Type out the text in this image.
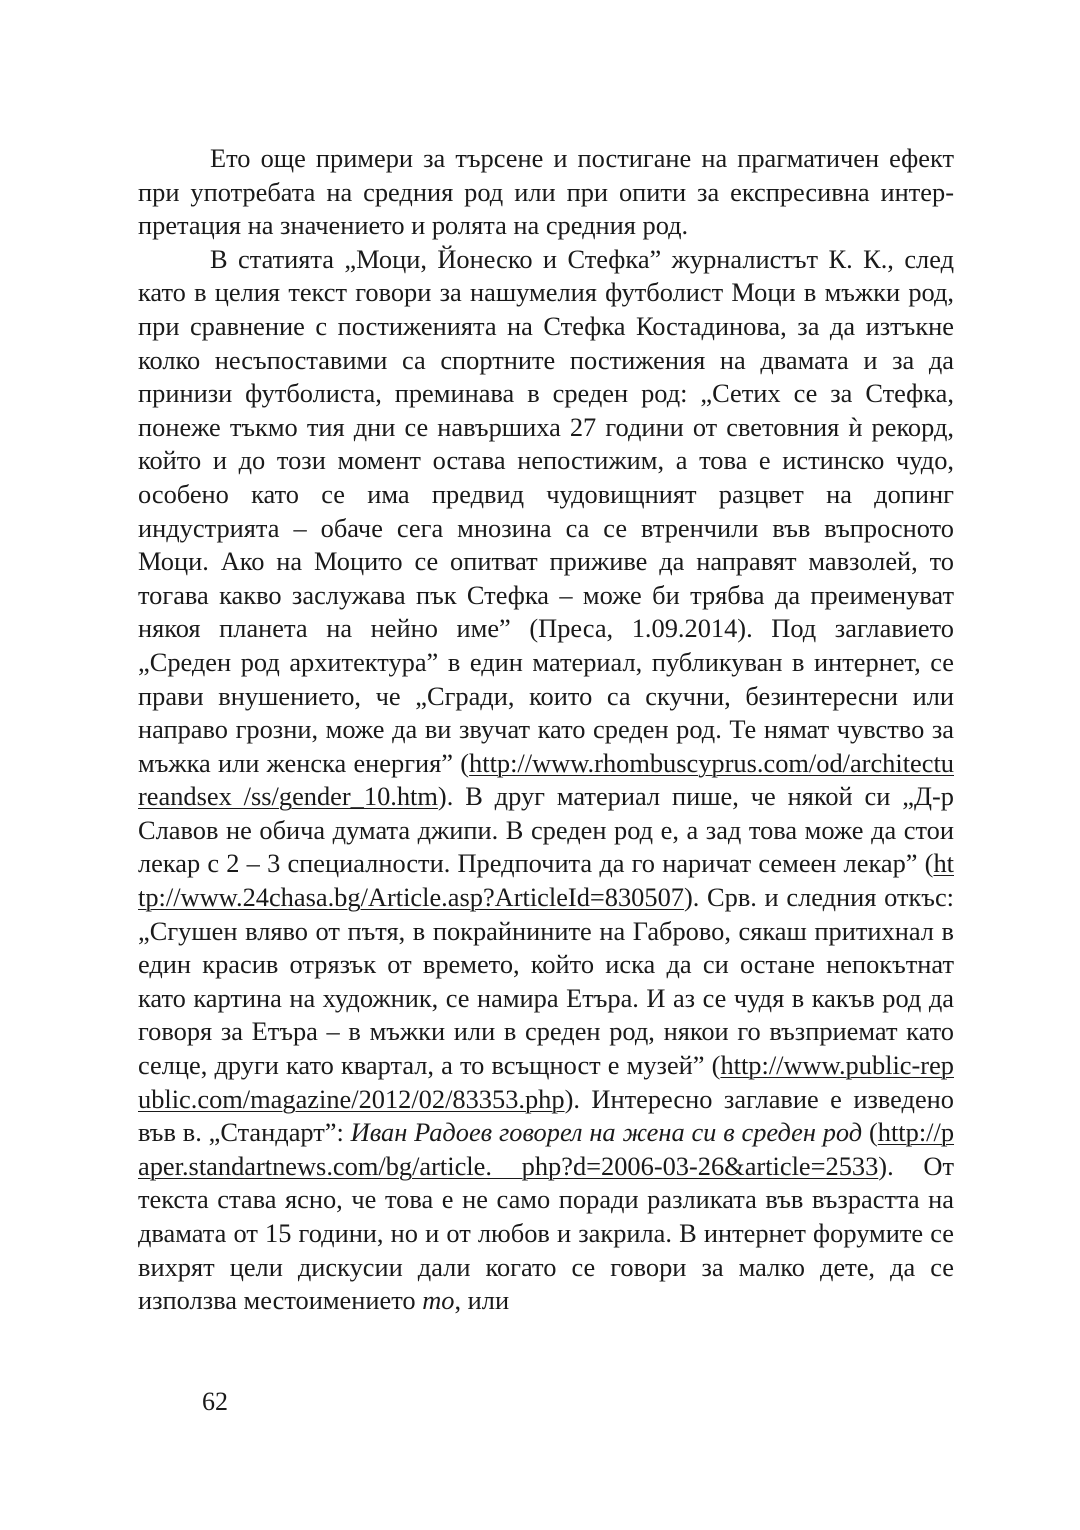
Ето още примери за търсене и постигане на прагматичен ефект при употребата на средния род или при опити за експресивна интер-претация на значението и ролята на средния род.

В статията „Моци, Йонеско и Стефка” журналистът К. К., след като в целия текст говори за нашумелия футболист Моци в мъжки род, при сравнение с постиженията на Стефка Костадинова, за да изтъкне колко несъпоставими са спортните постижения на двамата и за да принизи футболиста, преминава в среден род: „Сетих се за Стефка, понеже тъкмо тия дни се навършиха 27 години от световния ѝ рекорд, който и до този момент остава непостижим, а това е истинско чудо, особено като се има предвид чудовищният разцвет на допинг индустрията – обаче сега мнозина са се втренчили във въпросното Моци. Ако на Моцито се опитват приживе да направят мавзолей, то тогава какво заслужава пък Стефка – може би трябва да преименуват някоя планета на нейно име” (Преса, 1.09.2014). Под заглавието „Среден род архитектура” в един материал, публикуван в интернет, се прави внушението, че „Сгради, които са скучни, безинтересни или направо грозни, може да ви звучат като среден род. Те нямат чувство за мъжка или женска енергия” (http://www.rhombuscyprus.com/od/architectureandsex /ss/gender_10.htm). В друг материал пише, че някой си „Д-р Славов не обича думата джипи. В среден род е, а зад това може да стои лекар с 2 – 3 специалности. Предпочита да го наричат семеен лекар” (http://www.24chasa.bg/Article.asp?ArticleId=830507). Срв. и следния откъс: „Сгушен вляво от пътя, в покрайнините на Габрово, сякаш притихнал в един красив отрязък от времето, който иска да си остане непокътнат като картина на художник, се намира Етъра. И аз се чудя в какъв род да говоря за Етъра – в мъжки или в среден род, някои го възприемат като селце, други като квартал, а то всъщност е музей” (http://www.public-republic.com/magazine/2012/02/83353.php). Интересно заглавие е изведено във в. „Стандарт”: Иван Радоев говорел на жена си в среден род (http://paper.standartnews.com/bg/article. php?d=2006-03-26&article=2533). От текста става ясно, че това е не само поради разликата във възрастта на двамата от 15 години, но и от любов и закрила. В интернет форумите се вихрят цели дискусии дали когато се говори за малко дете, да се използва местоимението то, или

62
